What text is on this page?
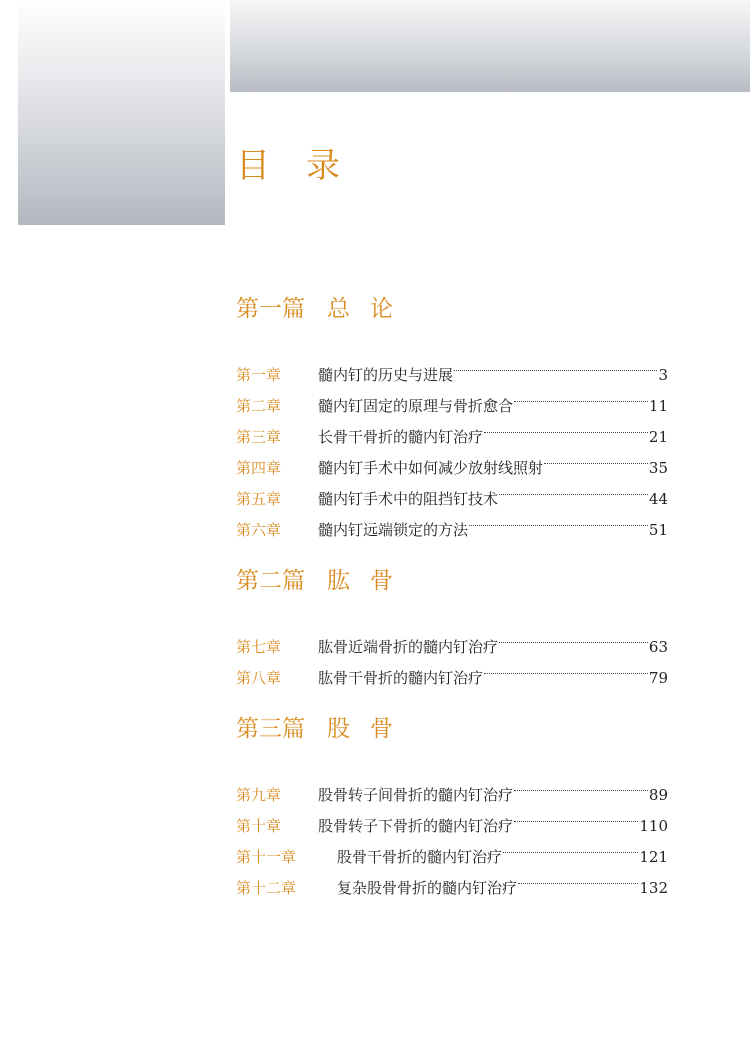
目 录
第一篇 总论
第一章	髓内钉的历史与进展	3
第二章	髓内钉固定的原理与骨折愈合	11
第三章	长骨干骨折的髓内钉治疗	21
第四章	髓内钉手术中如何减少放射线照射	35
第五章	髓内钉手术中的阻挡钉技术	44
第六章	髓内钉远端锁定的方法	51
第二篇 肱骨
第七章	肱骨近端骨折的髓内钉治疗	63
第八章	肱骨干骨折的髓内钉治疗	79
第三篇 股骨
第九章	股骨转子间骨折的髓内钉治疗	89
第十章	股骨转子下骨折的髓内钉治疗	110
第十一章	股骨干骨折的髓内钉治疗	121
第十二章	复杂股骨骨折的髓内钉治疗	132
